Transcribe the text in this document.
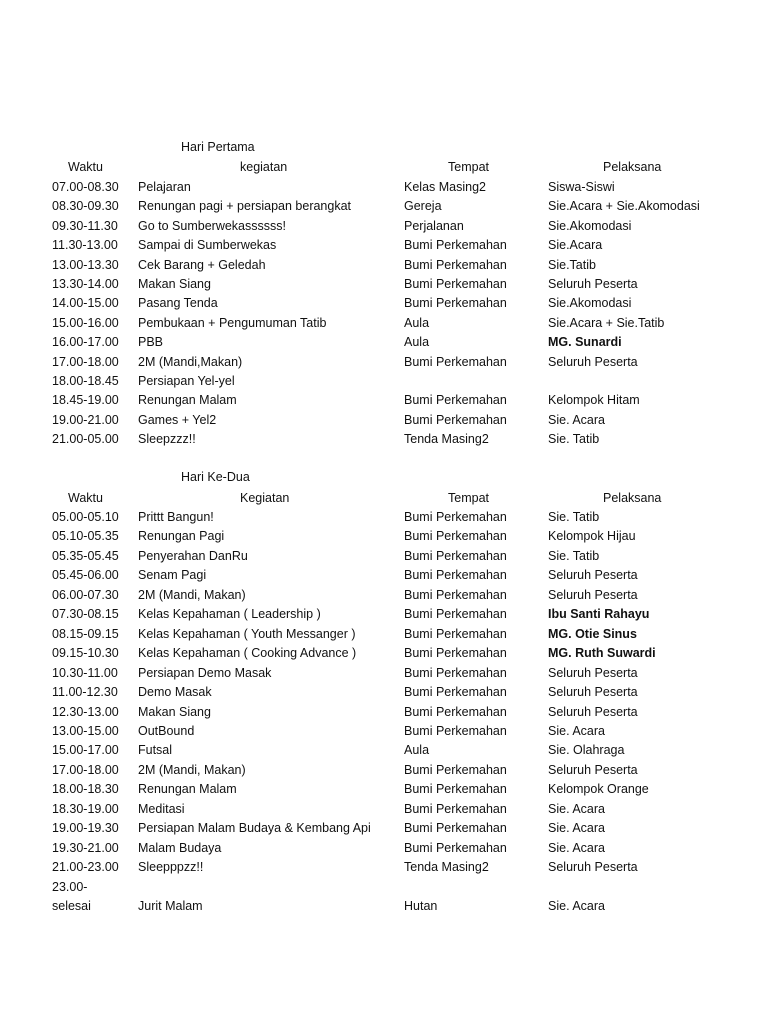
Hari Pertama
Waktu	kegiatan	Tempat	Pelaksana
07.00-08.30 Pelajaran	Kelas Masing2	Siswa-Siswi
08.30-09.30 Renungan pagi + persiapan berangkat	Gereja	Sie.Acara + Sie.Akomodasi
09.30-11.30 Go to Sumberwekassssss!	Perjalanan	Sie.Akomodasi
11.30-13.00 Sampai di Sumberwekas	Bumi Perkemahan	Sie.Acara
13.00-13.30 Cek Barang + Geledah	Bumi Perkemahan	Sie.Tatib
13.30-14.00 Makan Siang	Bumi Perkemahan	Seluruh Peserta
14.00-15.00 Pasang Tenda	Bumi Perkemahan	Sie.Akomodasi
15.00-16.00 Pembukaan + Pengumuman Tatib	Aula	Sie.Acara + Sie.Tatib
16.00-17.00 PBB	Aula	MG. Sunardi
17.00-18.00 2M (Mandi,Makan)	Bumi Perkemahan	Seluruh Peserta
18.00-18.45 Persiapan Yel-yel
18.45-19.00 Renungan Malam	Bumi Perkemahan	Kelompok Hitam
19.00-21.00 Games + Yel2	Bumi Perkemahan	Sie. Acara
21.00-05.00 Sleepzzz!!	Tenda Masing2	Sie. Tatib
Hari Ke-Dua
Waktu	Kegiatan	Tempat	Pelaksana
05.00-05.10 Prittt Bangun!	Bumi Perkemahan	Sie. Tatib
05.10-05.35 Renungan Pagi	Bumi Perkemahan	Kelompok Hijau
05.35-05.45 Penyerahan DanRu	Bumi Perkemahan	Sie. Tatib
05.45-06.00 Senam Pagi	Bumi Perkemahan	Seluruh Peserta
06.00-07.30 2M (Mandi, Makan)	Bumi Perkemahan	Seluruh Peserta
07.30-08.15 Kelas Kepahaman ( Leadership )	Bumi Perkemahan	Ibu Santi Rahayu
08.15-09.15 Kelas Kepahaman ( Youth Messanger )	Bumi Perkemahan	MG. Otie Sinus
09.15-10.30 Kelas Kepahaman ( Cooking Advance )	Bumi Perkemahan	MG. Ruth Suwardi
10.30-11.00 Persiapan Demo Masak	Bumi Perkemahan	Seluruh Peserta
11.00-12.30 Demo Masak	Bumi Perkemahan	Seluruh Peserta
12.30-13.00 Makan Siang	Bumi Perkemahan	Seluruh Peserta
13.00-15.00 OutBound	Bumi Perkemahan	Sie. Acara
15.00-17.00 Futsal	Aula	Sie. Olahraga
17.00-18.00 2M (Mandi, Makan)	Bumi Perkemahan	Seluruh Peserta
18.00-18.30 Renungan Malam	Bumi Perkemahan	Kelompok Orange
18.30-19.00 Meditasi	Bumi Perkemahan	Sie. Acara
19.00-19.30 Persiapan Malam Budaya & Kembang Api	Bumi Perkemahan	Sie. Acara
19.30-21.00 Malam Budaya	Bumi Perkemahan	Sie. Acara
21.00-23.00 Sleepppzz!!	Tenda Masing2	Seluruh Peserta
23.00-
selesai	Jurit Malam	Hutan	Sie. Acara
